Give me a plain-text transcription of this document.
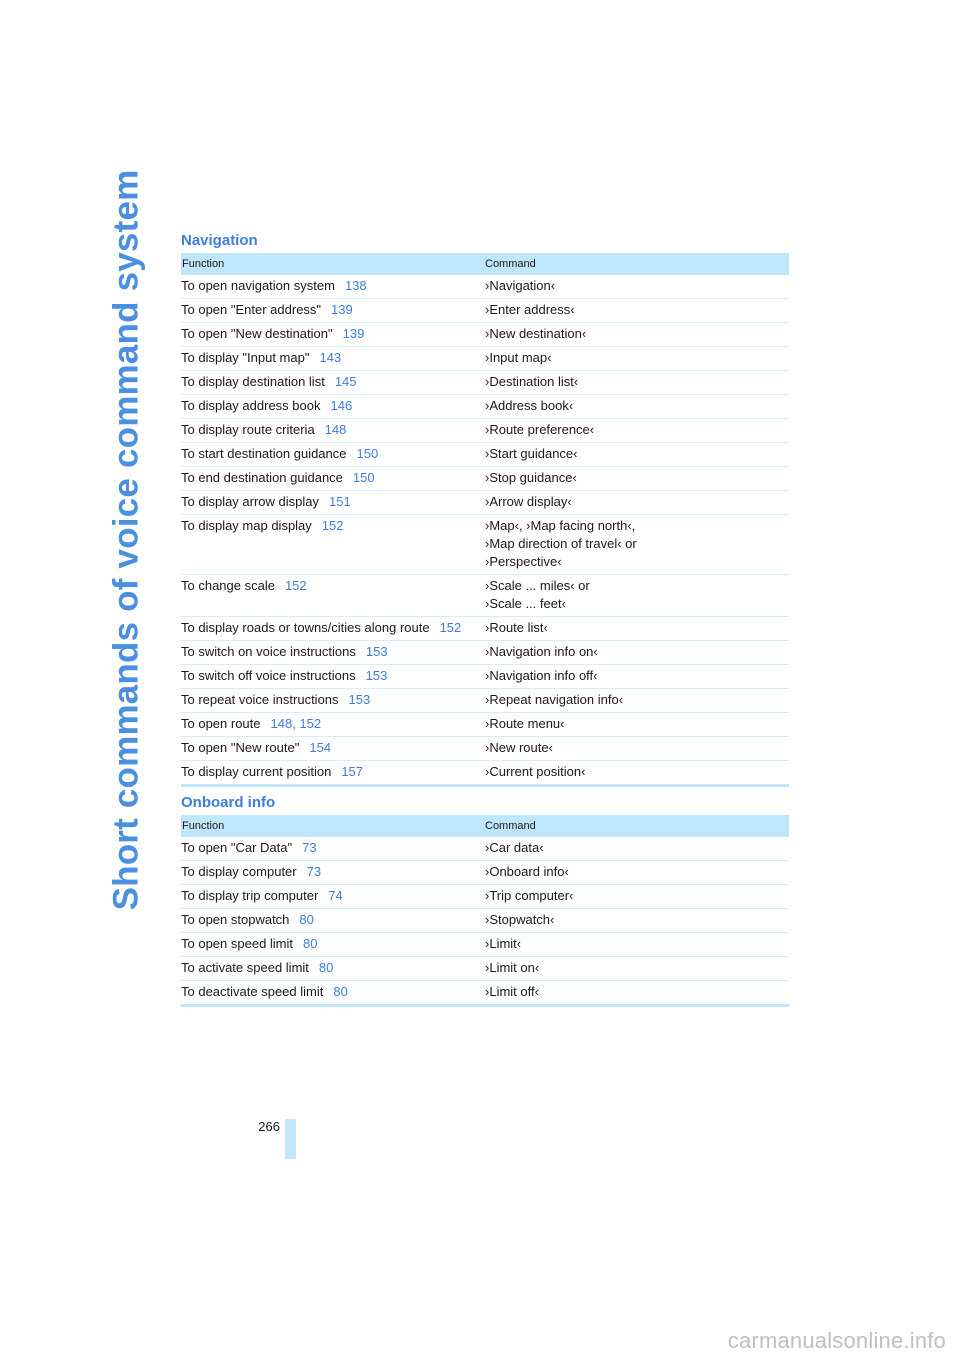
Short commands of voice command system Navigation
Function	Command
To open navigation system 138	›Navigation‹

To open "Enter address" 139	›Enter address‹

To open "New destination" 139	›New destination‹

To display "Input map" 143	›Input map‹

To display destination list 145	›Destination list‹

To display address book 146	›Address book‹

To display route criteria 148	›Route preference‹

To start destination guidance 150	›Start guidance‹

To end destination guidance 150	›Stop guidance‹

To display arrow display 151	›Arrow display‹

To display map display 152	›Map‹, ›Map facing north‹,
›Map direction of travel‹ or
›Perspective‹

To change scale 152	›Scale ... miles‹ or
›Scale ... feet‹

To display roads or towns/cities along route 152	›Route list‹

To switch on voice instructions 153	›Navigation info on‹

To switch off voice instructions 153	›Navigation info off‹

To repeat voice instructions 153	›Repeat navigation info‹

To open route 148, 152	›Route menu‹

To open "New route" 154	›New route‹

To display current position 157	›Current position‹
Onboard info
Function	Command
To open "Car Data" 73	›Car data‹

To display computer 73	›Onboard info‹

To display trip computer 74	›Trip computer‹

To open stopwatch 80	›Stopwatch‹

To open speed limit 80	›Limit‹

To activate speed limit 80	›Limit on‹

To deactivate speed limit 80	›Limit off‹
266
carmanualsonline.info
